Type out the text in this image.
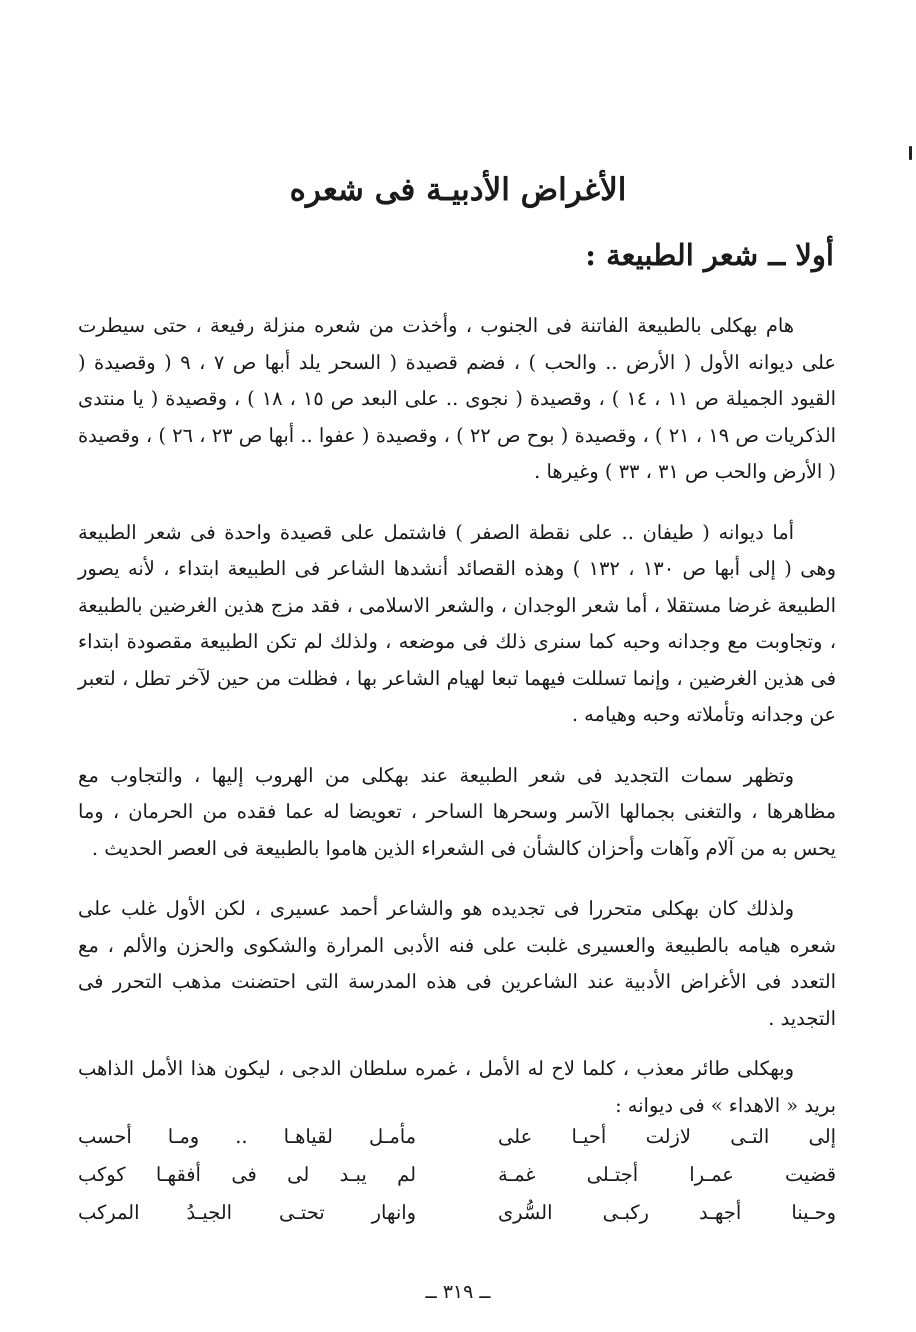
الأغراض الأدبيـة فى شعره
أولا ــ شعر الطبيعة :

هام بهكلى بالطبيعة الفاتنة فى الجنوب ، وأخذت من شعره منزلة رفيعة ، حتى سيطرت على ديوانه الأول ( الأرض .. والحب ) ، فضم قصيدة ( السحر يلد أبها ص ٧ ، ٩ ( وقصيدة ( القيود الجميلة ص ١١ ، ١٤ ) ، وقصيدة ( نجوى .. على البعد ص ١٥ ، ١٨ ) ، وقصيدة ( يا منتدى الذكريات ص ١٩ ، ٢١ ) ، وقصيدة ( بوح ص ٢٢ ) ، وقصيدة ( عفوا .. أبها ص ٢٣ ، ٢٦ ) ، وقصيدة ( الأرض والحب ص ٣١ ، ٣٣ ) وغيرها .

أما ديوانه ( طيفان .. على نقطة الصفر ) فاشتمل على قصيدة واحدة فى شعر الطبيعة وهى ( إلى أبها ص ١٣٠ ، ١٣٢ ) وهذه القصائد أنشدها الشاعر فى الطبيعة ابتداء ، لأنه يصور الطبيعة غرضا مستقلا ، أما شعر الوجدان ، والشعر الاسلامى ، فقد مزج هذين الغرضين بالطبيعة ، وتجاوبت مع وجدانه وحبه كما سنرى ذلك فى موضعه ، ولذلك لم تكن الطبيعة مقصودة ابتداء فى هذين الغرضين ، وإنما تسللت فيهما تبعا لهيام الشاعر بها ، فظلت من حين لآخر تطل ، لتعبر عن وجدانه وتأملاته وحبه وهيامه .

وتظهر سمات التجديد فى شعر الطبيعة عند بهكلى من الهروب إليها ، والتجاوب مع مظاهرها ، والتغنى بجمالها الآسر وسحرها الساحر ، تعويضا له عما فقده من الحرمان ، وما يحس به من آلام وآهات وأحزان كالشأن فى الشعراء الذين هاموا بالطبيعة فى العصر الحديث .

ولذلك كان بهكلى متحررا فى تجديده هو والشاعر أحمد عسيرى ، لكن الأول غلب على شعره هيامه بالطبيعة والعسيرى غلبت على فنه الأدبى المرارة والشكوى والحزن والألم ، مع التعدد فى الأغراض الأدبية عند الشاعرين فى هذه المدرسة التى احتضنت مذهب التحرر فى التجديد .

وبهكلى طائر معذب ، كلما لاح له الأمل ، غمره سلطان الدجى ، ليكون هذا الأمل الذاهب بريد « الاهداء » فى ديوانه :

إلى التـى لازلت أحيـا على
مأمـل لقياهـا .. ومـا أحسب
قضيت عمـرا أجتـلى غمـة
لم يبـد لى فى أفقهـا كوكب
وحـينا أجهـد ركبـى السُّرى
وانهار تحتـى الجيـدُ المركب
ــ ٣١٩ ــ
